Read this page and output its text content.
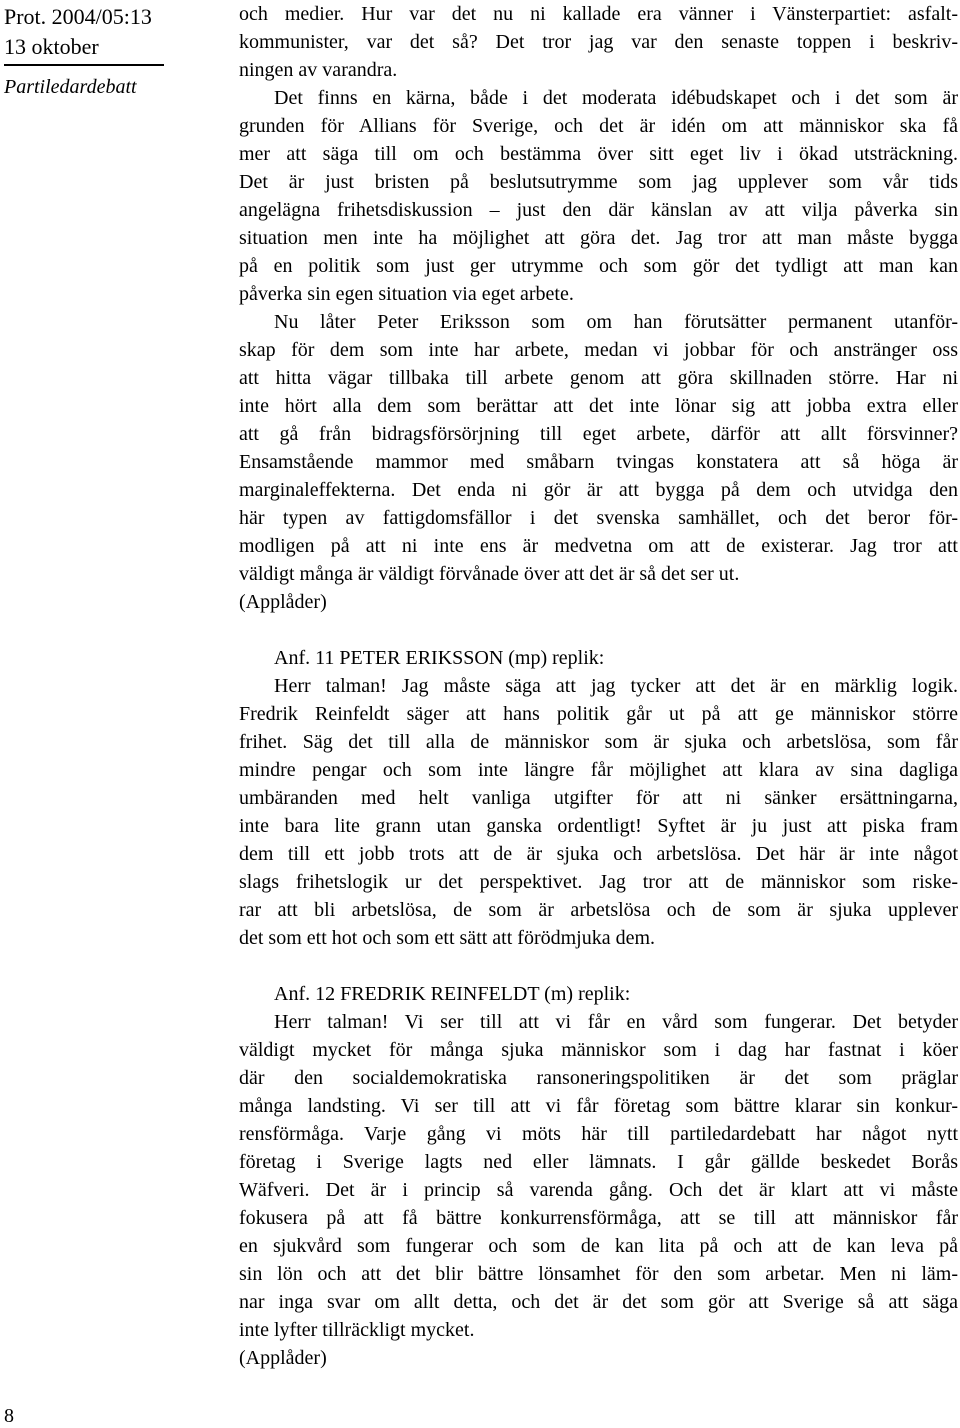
Prot. 2004/05:13
13 oktober
Partiledardebatt
och medier. Hur var det nu ni kallade era vänner i Vänsterpartiet: asfalt-
kommunister, var det så? Det tror jag var den senaste toppen i beskriv-
ningen av varandra.
Det finns en kärna, både i det moderata idébudskapet och i det som är
grunden för Allians för Sverige, och det är idén om att människor ska få
mer att säga till om och bestämma över sitt eget liv i ökad utsträckning.
Det är just bristen på beslutsutrymme som jag upplever som vår tids
angelägna frihetsdiskussion – just den där känslan av att vilja påverka sin
situation men inte ha möjlighet att göra det. Jag tror att man måste bygga
på en politik som just ger utrymme och som gör det tydligt att man kan
påverka sin egen situation via eget arbete.
Nu låter Peter Eriksson som om han förutsätter permanent utanför-
skap för dem som inte har arbete, medan vi jobbar för och anstränger oss
att hitta vägar tillbaka till arbete genom att göra skillnaden större. Har ni
inte hört alla dem som berättar att det inte lönar sig att jobba extra eller
att gå från bidragsförsörjning till eget arbete, därför att allt försvinner?
Ensamstående mammor med småbarn tvingas konstatera att så höga är
marginaleffekterna. Det enda ni gör är att bygga på dem och utvidga den
här typen av fattigdomsfällor i det svenska samhället, och det beror för-
modligen på att ni inte ens är medvetna om att de existerar. Jag tror att
väldigt många är väldigt förvånade över att det är så det ser ut.
(Applåder)
Anf. 11 PETER ERIKSSON (mp) replik:
Herr talman! Jag måste säga att jag tycker att det är en märklig logik.
Fredrik Reinfeldt säger att hans politik går ut på att ge människor större
frihet. Säg det till alla de människor som är sjuka och arbetslösa, som får
mindre pengar och som inte längre får möjlighet att klara av sina dagliga
umbäranden med helt vanliga utgifter för att ni sänker ersättningarna,
inte bara lite grann utan ganska ordentligt! Syftet är ju just att piska fram
dem till ett jobb trots att de är sjuka och arbetslösa. Det här är inte något
slags frihetslogik ur det perspektivet. Jag tror att de människor som riske-
rar att bli arbetslösa, de som är arbetslösa och de som är sjuka upplever
det som ett hot och som ett sätt att förödmjuka dem.
Anf. 12 FREDRIK REINFELDT (m) replik:
Herr talman! Vi ser till att vi får en vård som fungerar. Det betyder
väldigt mycket för många sjuka människor som i dag har fastnat i köer
där den socialdemokratiska ransoneringspolitiken är det som präglar
många landsting. Vi ser till att vi får företag som bättre klarar sin konkur-
rensförmåga. Varje gång vi möts här till partiledardebatt har något nytt
företag i Sverige lagts ned eller lämnats. I går gällde beskedet Borås
Wäfveri. Det är i princip så varenda gång. Och det är klart att vi måste
fokusera på att få bättre konkurrensförmåga, att se till att människor får
en sjukvård som fungerar och som de kan lita på och att de kan leva på
sin lön och att det blir bättre lönsamhet för den som arbetar. Men ni läm-
nar inga svar om allt detta, och det är det som gör att Sverige så att säga
inte lyfter tillräckligt mycket.
(Applåder)
8
